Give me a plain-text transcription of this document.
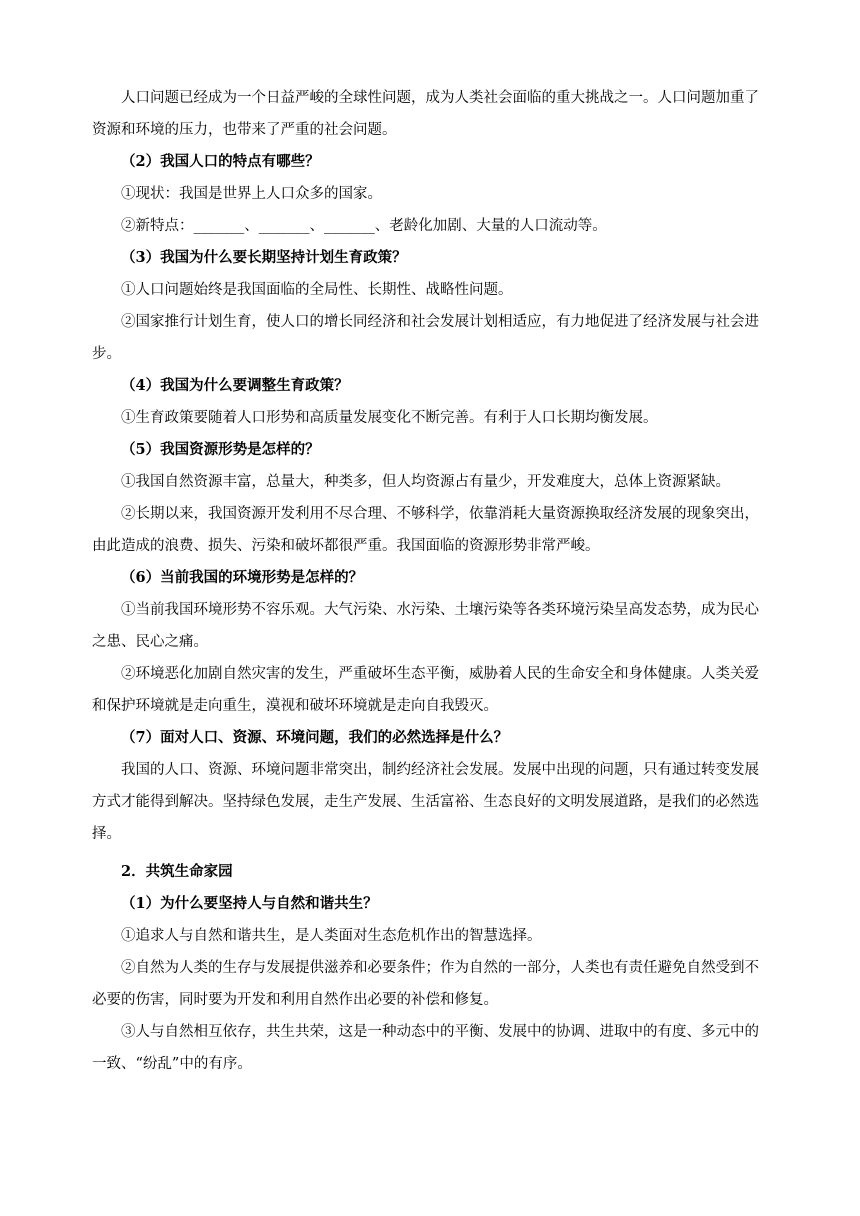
人口问题已经成为一个日益严峻的全球性问题，成为人类社会面临的重大挑战之一。人口问题加重了资源和环境的压力，也带来了严重的社会问题。

（2）我国人口的特点有哪些？

①现状：我国是世界上人口众多的国家。

②新特点：_______、_______、_______、老龄化加剧、大量的人口流动等。

（3）我国为什么要长期坚持计划生育政策？

①人口问题始终是我国面临的全局性、长期性、战略性问题。

②国家推行计划生育，使人口的增长同经济和社会发展计划相适应，有力地促进了经济发展与社会进步。

（4）我国为什么要调整生育政策？

①生育政策要随着人口形势和高质量发展变化不断完善。有利于人口长期均衡发展。

（5）我国资源形势是怎样的？

①我国自然资源丰富，总量大，种类多，但人均资源占有量少，开发难度大，总体上资源紧缺。

②长期以来，我国资源开发利用不尽合理、不够科学，依靠消耗大量资源换取经济发展的现象突出，由此造成的浪费、损失、污染和破坏都很严重。我国面临的资源形势非常严峻。

（6）当前我国的环境形势是怎样的？

①当前我国环境形势不容乐观。大气污染、水污染、土壤污染等各类环境污染呈高发态势，成为民心之患、民心之痛。

②环境恶化加剧自然灾害的发生，严重破坏生态平衡，威胁着人民的生命安全和身体健康。人类关爱和保护环境就是走向重生，漠视和破坏环境就是走向自我毁灭。

（7）面对人口、资源、环境问题，我们的必然选择是什么？

我国的人口、资源、环境问题非常突出，制约经济社会发展。发展中出现的问题，只有通过转变发展方式才能得到解决。坚持绿色发展，走生产发展、生活富裕、生态良好的文明发展道路，是我们的必然选择。

2．共筑生命家园

（1）为什么要坚持人与自然和谐共生？

①追求人与自然和谐共生，是人类面对生态危机作出的智慧选择。

②自然为人类的生存与发展提供滋养和必要条件；作为自然的一部分，人类也有责任避免自然受到不必要的伤害，同时要为开发和利用自然作出必要的补偿和修复。

③人与自然相互依存，共生共荣，这是一种动态中的平衡、发展中的协调、进取中的有度、多元中的一致、“纷乱”中的有序。
